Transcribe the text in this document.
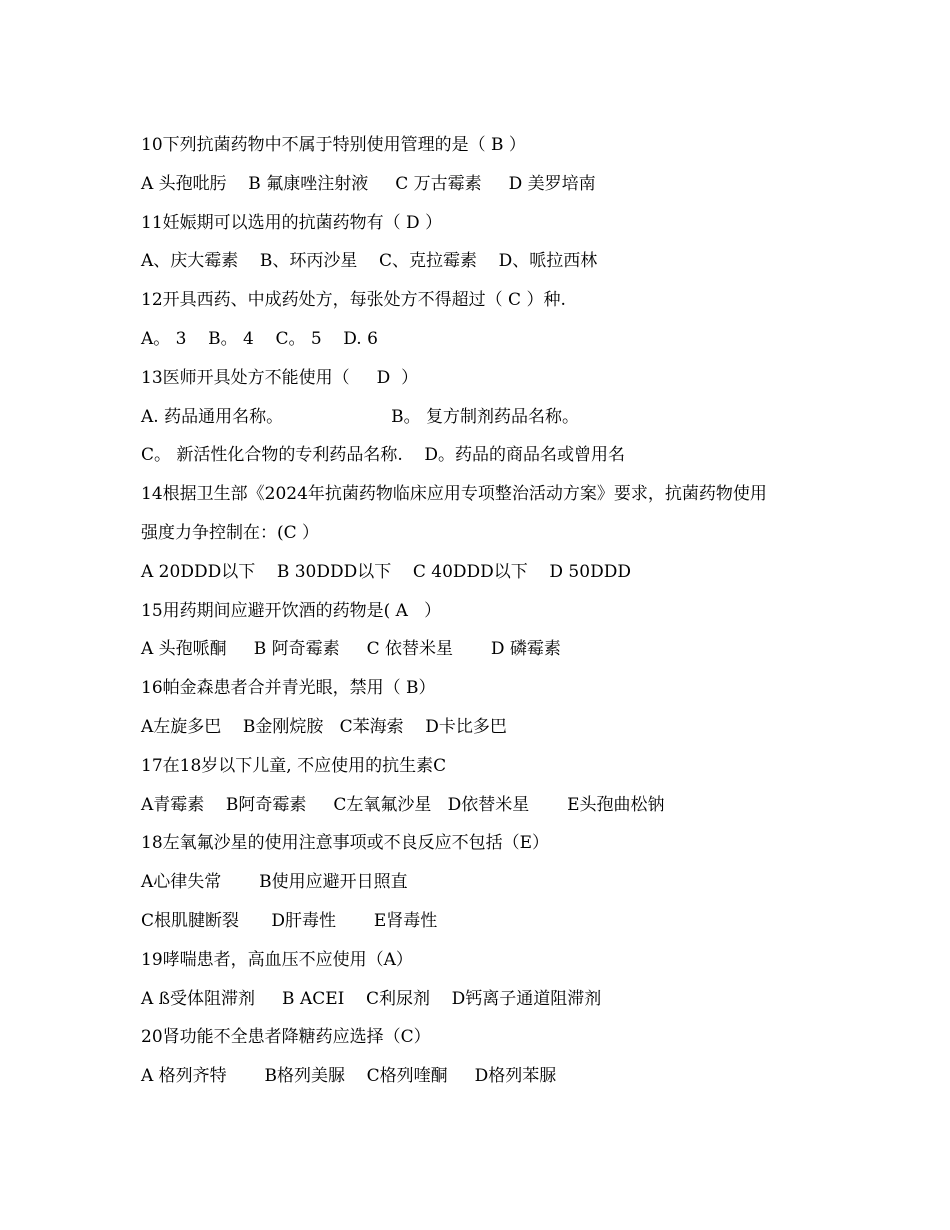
10下列抗菌药物中不属于特别使用管理的是（ B ）
A 头孢吡肟    B 氟康唑注射液     C 万古霉素     D 美罗培南
11妊娠期可以选用的抗菌药物有（ D ）
A、庆大霉素    B、环丙沙星    C、克拉霉素    D、哌拉西林
12开具西药、中成药处方，每张处方不得超过（ C ）种.
A。 3    B。 4    C。 5    D. 6
13医师开具处方不能使用（     D  ）
A. 药品通用名称。                    B。 复方制剂药品名称。
C。 新活性化合物的专利药品名称.    D。药品的商品名或曾用名
14根据卫生部《2024年抗菌药物临床应用专项整治活动方案》要求，抗菌药物使用
强度力争控制在：(C ）
A 20DDD以下    B 30DDD以下    C 40DDD以下    D 50DDD
15用药期间应避开饮酒的药物是( A   ）
A 头孢哌酮     B 阿奇霉素     C 依替米星       D 磷霉素
16帕金森患者合并青光眼，禁用（ B）
A左旋多巴    B金刚烷胺   C苯海索    D卡比多巴
17在18岁以下儿童, 不应使用的抗生素C
A青霉素    B阿奇霉素     C左氧氟沙星   D依替米星       E头孢曲松钠
18左氧氟沙星的使用注意事项或不良反应不包括（E）
A心律失常       B使用应避开日照直
C根肌腱断裂      D肝毒性       E肾毒性
19哮喘患者，高血压不应使用（A）
A ß受体阻滞剂     B ACEI    C利尿剂    D钙离子通道阻滞剂
20肾功能不全患者降糖药应选择（C）
A 格列齐特       B格列美脲    C格列喹酮     D格列苯脲
